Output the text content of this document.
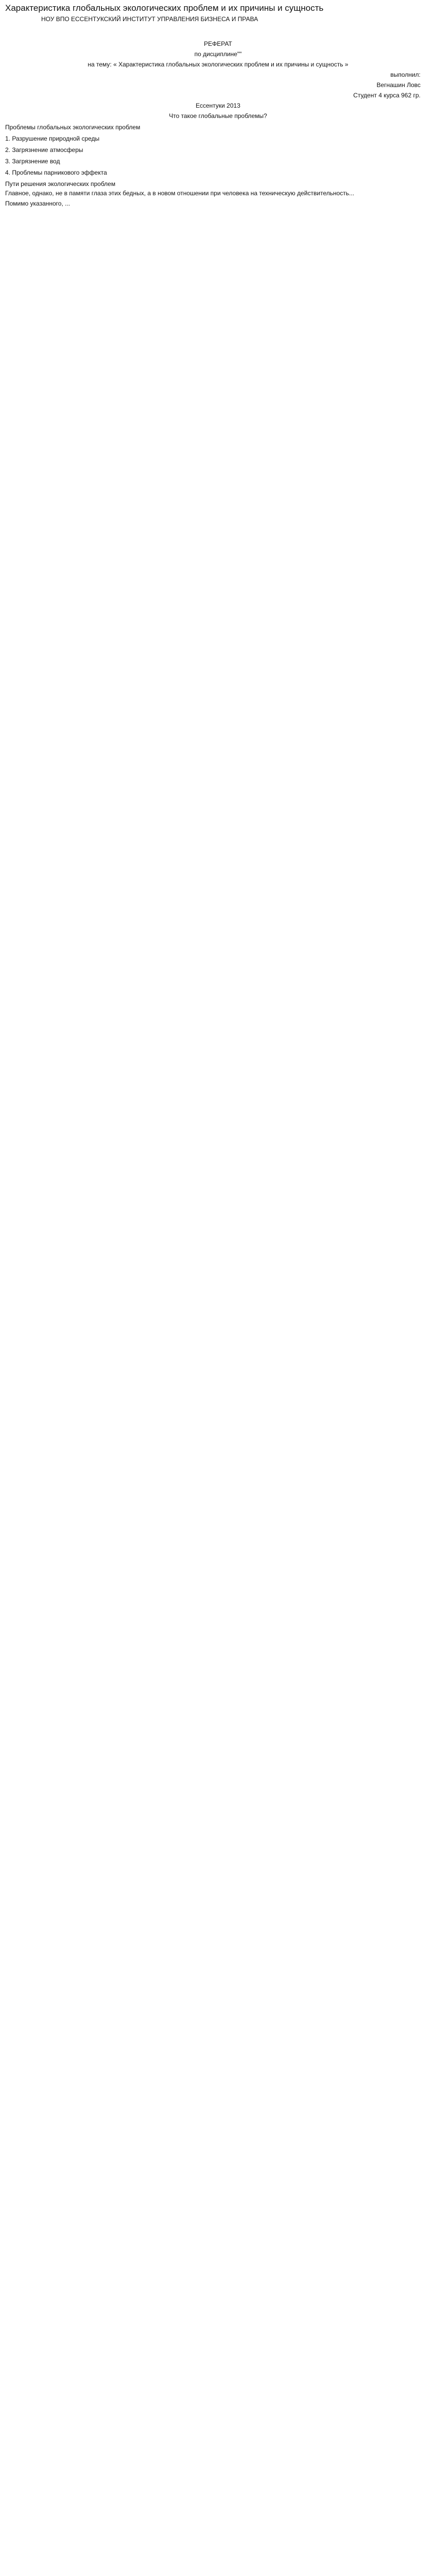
Характеристика глобальных экологических проблем и их причины и сущность
НОУ ВПО ЕССЕНТУКСКИЙ ИНСТИТУТ УПРАВЛЕНИЯ БИЗНЕСА И ПРАВА
РЕФЕРАТ
по дисциплине""
на тему: « Характеристика глобальных экологических проблем и их причины и сущность »
выполнил:
Вегнашин Ловс
Студент 4 курса 962 гр.
Ессентуки 2013
Что такое глобальные проблемы?
Проблемы глобальных экологических проблем
1. Разрушение природной среды
2. Загрязнение атмосферы
3. Загрязнение вод
4. Проблемы парникового эффекта
Пути решения экологических проблем
Главное, однако, не в памяти глаза этих бедных, а в новом отношении при человека на техническую действительность...
Помимо указанного, ...
